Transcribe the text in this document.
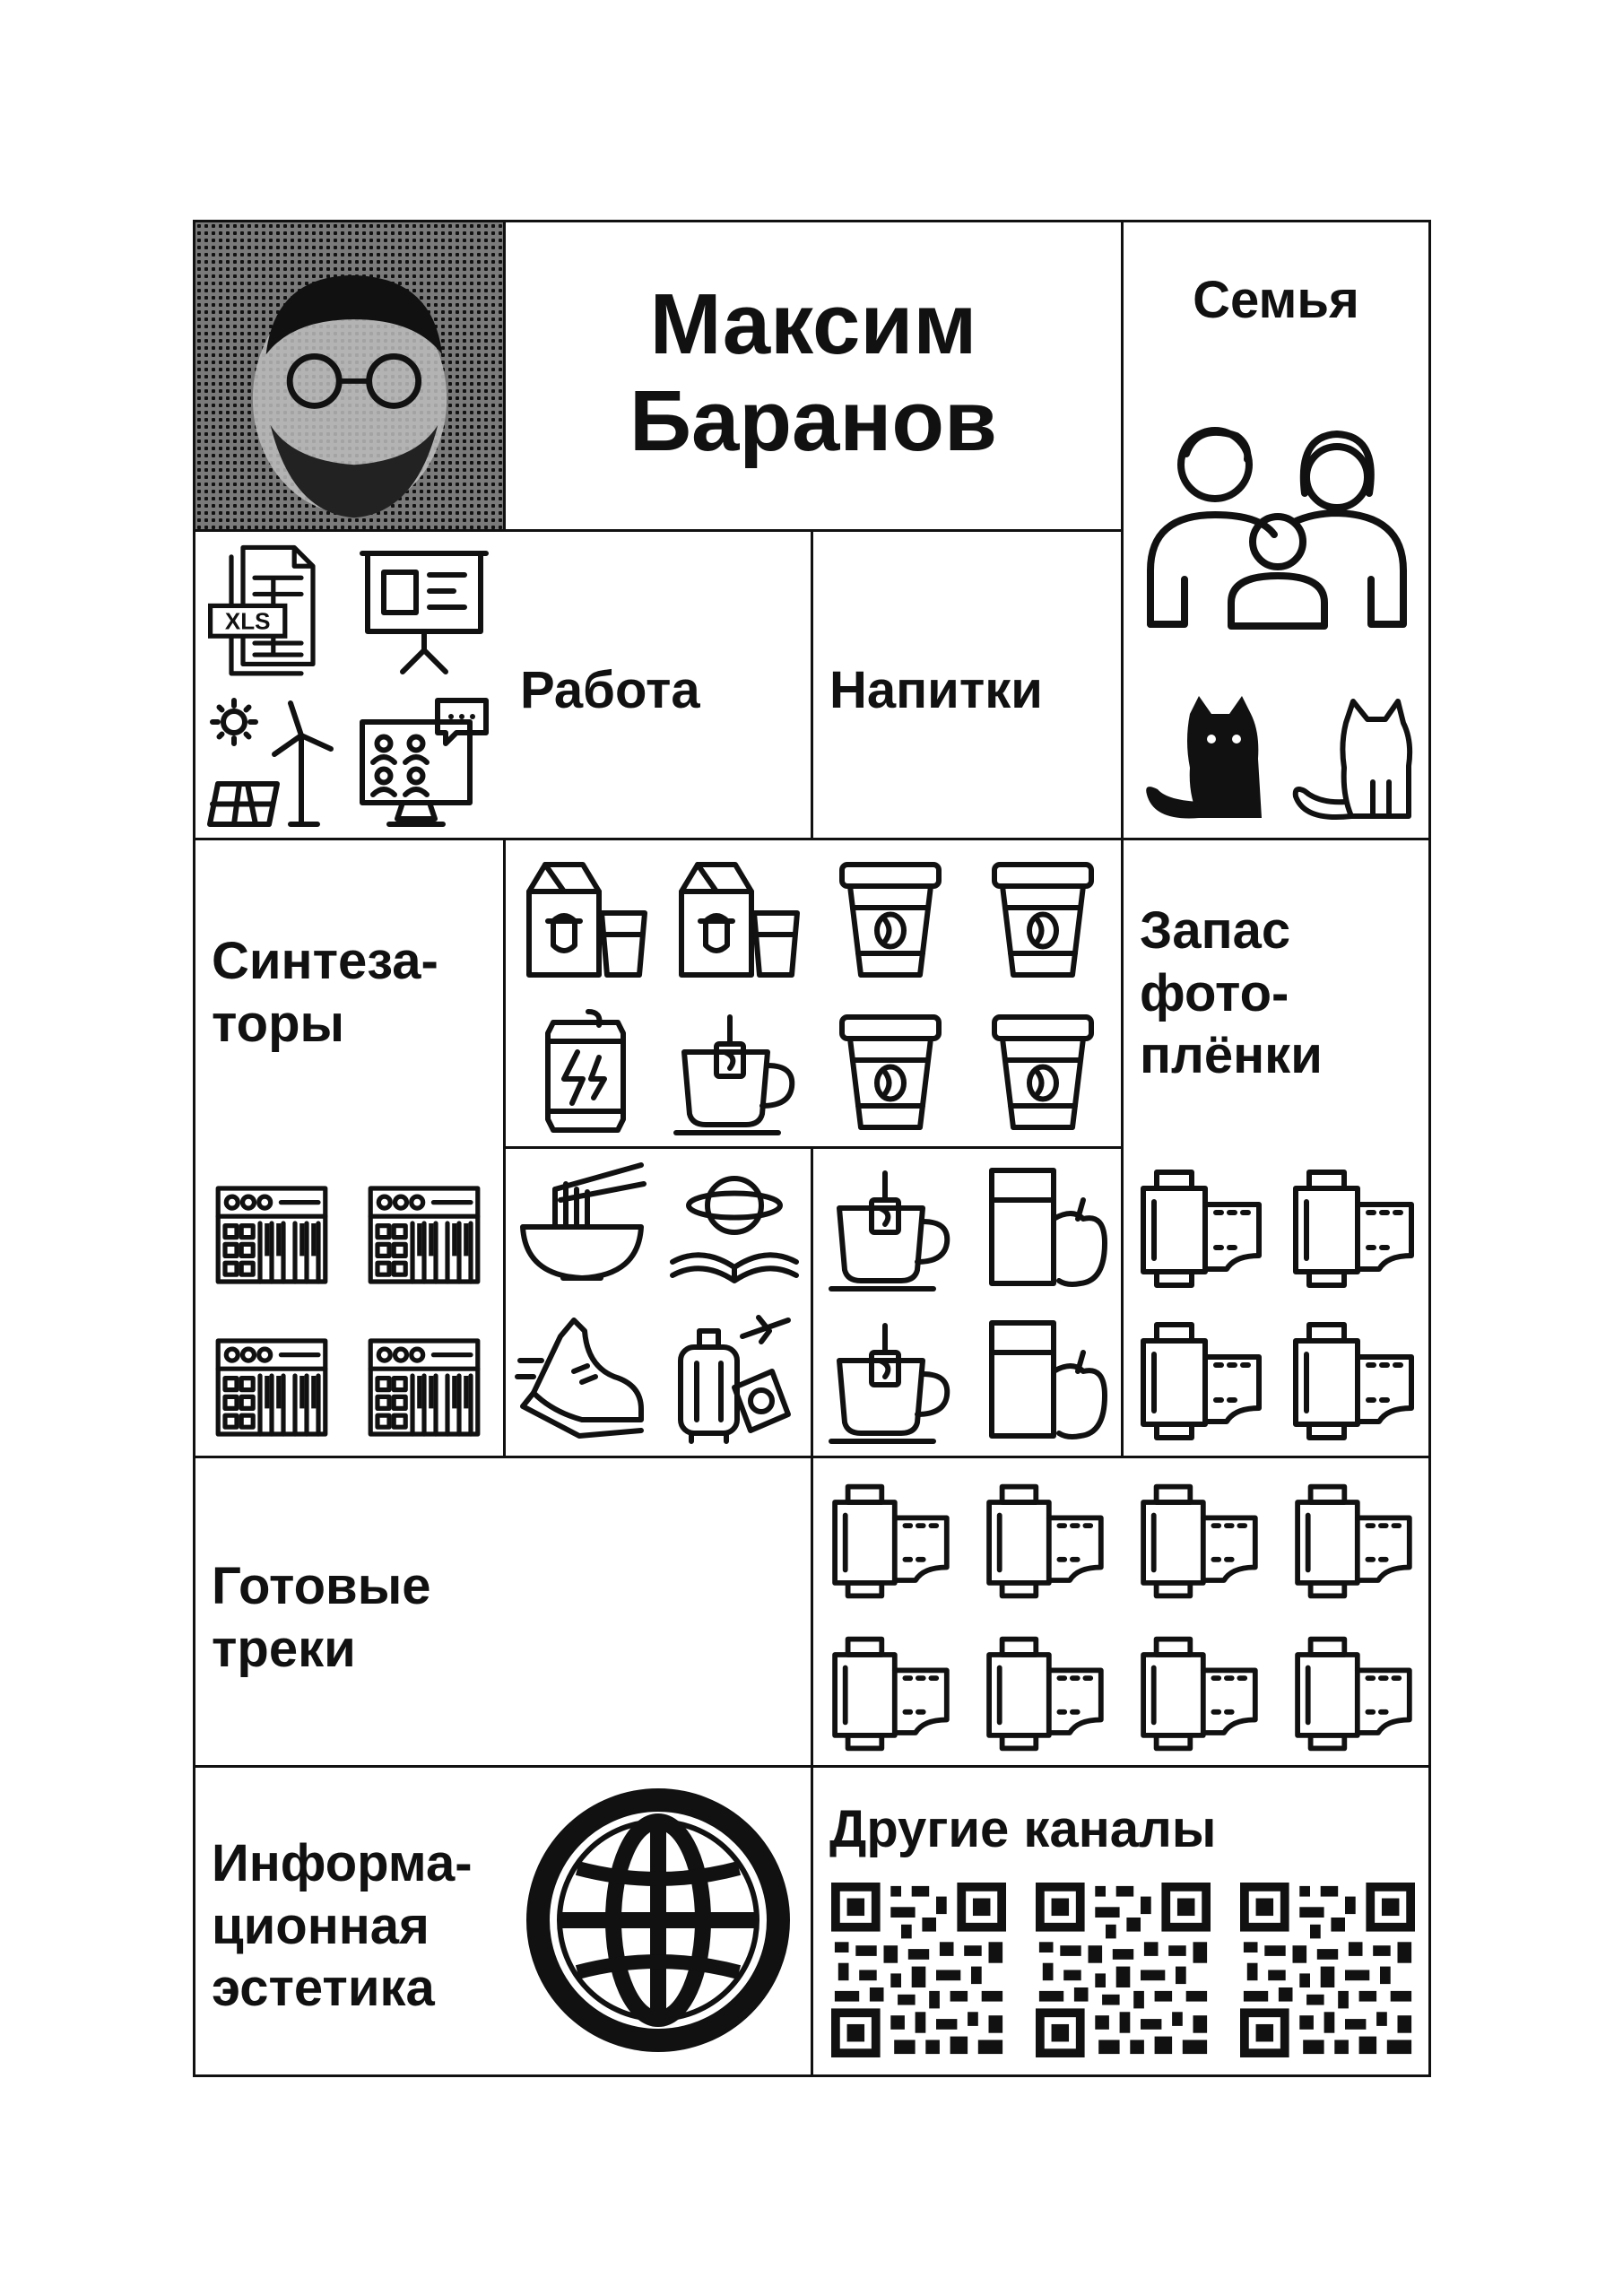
Максим
Баранов
Семья
XLS
Работа Напитки
Синтеза-
торы
Запас
фото-
плёнки
Готовые
треки
Информа-
ционная
эстетика
Другие каналы
